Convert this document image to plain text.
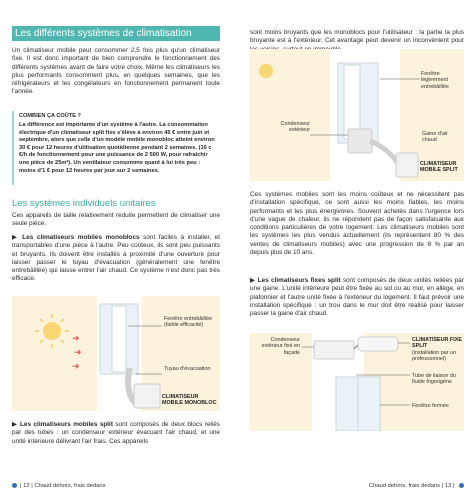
Les différents systèmes de climatisation

Un climatiseur mobile peut consommer 2,5 fois plus qu'un climatiseur fixe. Il est donc important de bien comprendre le fonctionnement des différents systèmes avant de faire votre choix. Même les climatiseurs les plus performants consomment plus, en quelques semaines, que les réfrigérateurs et les congélateurs en fonctionnement permanent toute l'année.

COMBIEN ÇA COÛTE ?
La différence est importante d'un système à l'autre. La consommation électrique d'un climatiseur split fixe s'élève à environ 45 € entre juin et septembre, alors que celle d'un modèle mobile monobloc atteint environ 30 € pour 12 heures d'utilisation quotidienne pendant 2 semaines. (16 c €/h de fonctionnement pour une puissance de 2 500 W, pour rafraîchir une pièce de 25m²). Un ventilateur consomme quant à lui très peu : moins d'1 € pour 12 heures par jour sur 2 semaines.
Les systèmes individuels unitaires

Ces appareils de taille relativement réduite permettent de climatiser une seule pièce.

▶ Les climatiseurs mobiles monoblocs sont faciles à installer, et transportables d'une pièce à l'autre. Peu coûteux, ils sont peu puissants et bruyants. Ils doivent être installés à proximité d'une ouverture pour laisser passer le tuyau d'évacuation (généralement une fenêtre entrebâillée) qui laisse entrer l'air chaud. Ce système n'est donc pas très efficace.

➜
➜
➜
Fenêtre entrebâillée (faible efficacité)
Tuyau d'évacuation
CLIMATISEUR MOBILE MONOBLOC

▶ Les climatiseurs mobiles split sont composés de deux blocs reliés par des tubes : un condenseur extérieur évacuant l'air chaud, et une unité intérieure délivrant l'air frais. Ces appareils

| 12 | Chaud dehors, frais dedans

sont moins bruyants que les monoblocs pour l'utilisateur : la partie la plus bruyante est à l'extérieur. Cet avantage peut devenir un inconvénient pour

Fenêtre légèrement entrebâillée
Condenseur extérieur
Gaine d'air chaud
CLIMATISEUR MOBILE SPLIT

Ces systèmes mobiles sont les moins coûteux et ne nécessitent pas d'installation spécifique, ce sont aussi les moins fiables, les moins performants et les plus énergivores. Souvent achetés dans l'urgence lors d'une vague de chaleur, ils ne répondent pas de façon satisfaisante aux conditions particulières de votre logement. Les climatiseurs mobiles sont les systèmes les plus vendus actuellement (ils représentent 80 % des ventes de climatiseurs mobiles) avec une progression de 8 % par an depuis plus de 10 ans.

▶ Les climatiseurs fixes split sont composés de deux unités reliées par une gaine. L'unité intérieure peut être fixée au sol ou au mur, en allège, en plafonnier et l'autre unité fixée à l'extérieur du logement. Il faut prévoir une installation spécifique : un trou dans le mur doit être réalisé pour laisser passer la gaine d'air chaud.

Condenseur extérieur fixé en façade
CLIMATISEUR FIXE SPLIT
(installation par un professionnel)
Tube de liaison du fluide frigorigène
Fenêtre fermée
Chaud dehors, frais dedans | 13 |
